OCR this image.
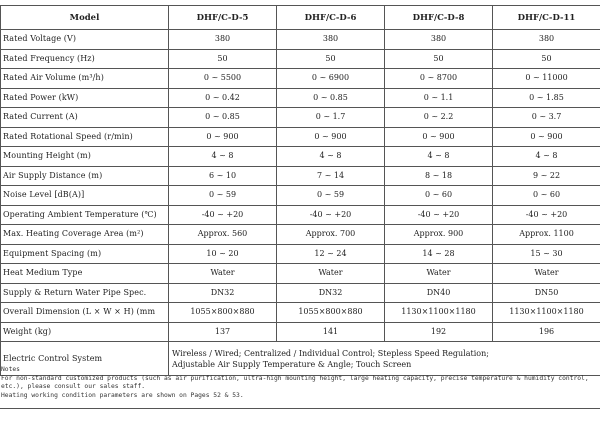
Model	DHF/C-D-5	DHF/C-D-6	DHF/C-D-8	DHF/C-D-11
Rated Voltage (V)	380	380	380	380
Rated Frequency (Hz)	50	50	50	50
Rated Air Volume (m³/h)	0 ~ 5500	0 ~ 6900	0 ~ 8700	0 ~ 11000
Rated Power (kW)	0 ~ 0.42	0 ~ 0.85	0 ~ 1.1	0 ~ 1.85
Rated Current (A)	0 ~ 0.85	0 ~ 1.7	0 ~ 2.2	0 ~ 3.7
Rated Rotational Speed (r/min)	0 ~ 900	0 ~ 900	0 ~ 900	0 ~ 900
Mounting Height (m)	4 ~ 8	4 ~ 8	4 ~ 8	4 ~ 8
Air Supply Distance (m)	6 ~ 10	7 ~ 14	8 ~ 18	9 ~ 22
Noise Level [dB(A)]	0 ~ 59	0 ~ 59	0 ~ 60	0 ~ 60
Operating Ambient Temperature (℃)	-40 ~ +20	-40 ~ +20	-40 ~ +20	-40 ~ +20
Max. Heating Coverage Area (m²)	Approx. 560	Approx. 700	Approx. 900	Approx. 1100
Equipment Spacing (m)	10 ~ 20	12 ~ 24	14 ~ 28	15 ~ 30
Heat Medium Type	Water	Water	Water	Water
Supply & Return Water Pipe Spec.	DN32	DN32	DN40	DN50
Overall Dimension (L × W × H) (mm	1055×800×880	1055×800×880	1130×1100×1180	1130×1100×1180
Weight (kg)	137	141	192	196
Electric Control System	Wireless / Wired; Centralized / Individual Control; Stepless Speed Regulation;
Adjustable Air Supply Temperature & Angle; Touch Screen			
Notes
For non-standard customized products (such as air purification, ultra-high mounting height, large heating capacity, precise temperature & humidity control, etc.), please consult our sales staff.
Heating working condition parameters are shown on Pages 52 & 53.
